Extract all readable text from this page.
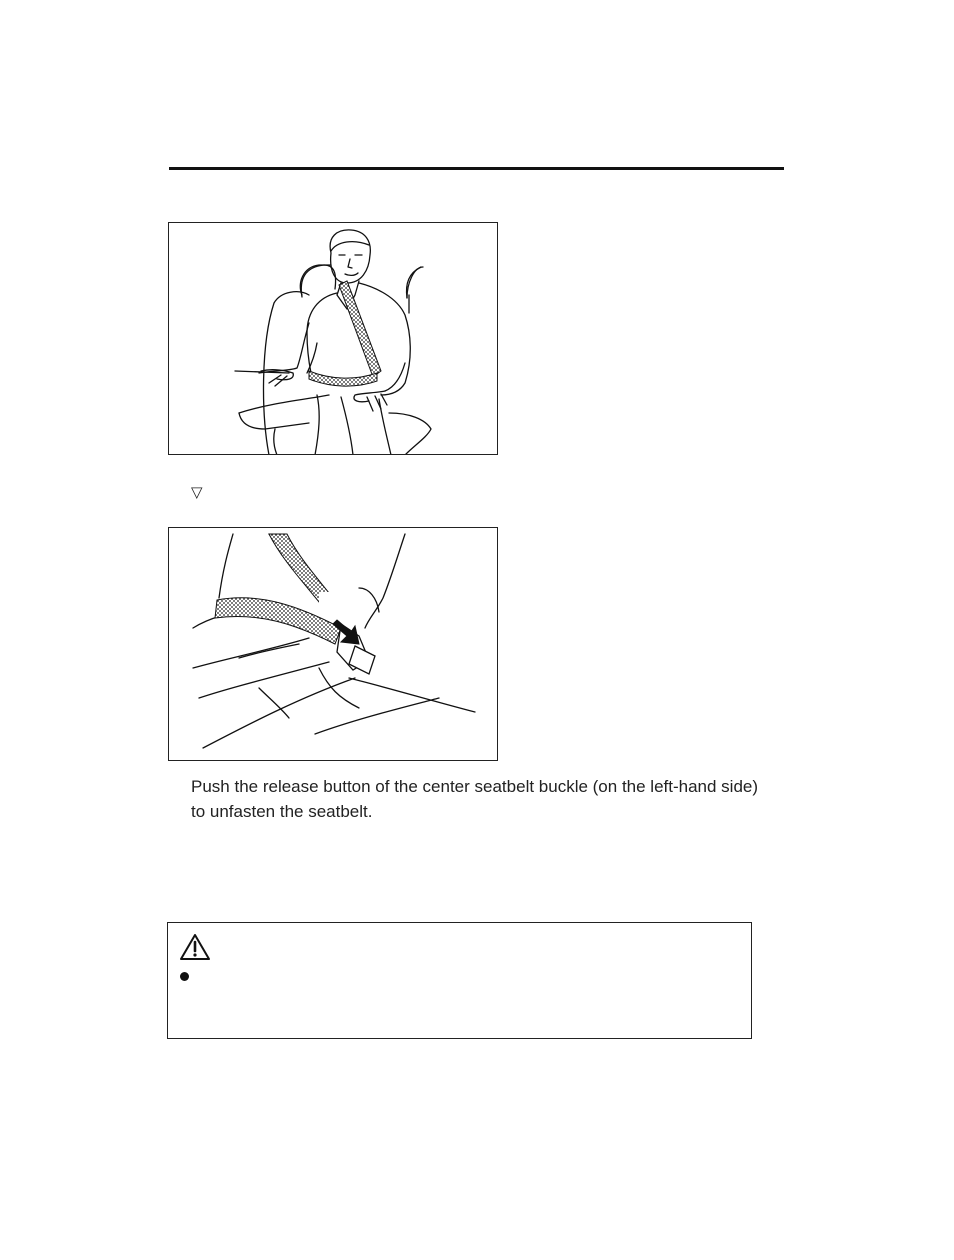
▽

Push the release button of the center seatbelt buckle (on the left-hand side) to unfasten the seatbelt.
